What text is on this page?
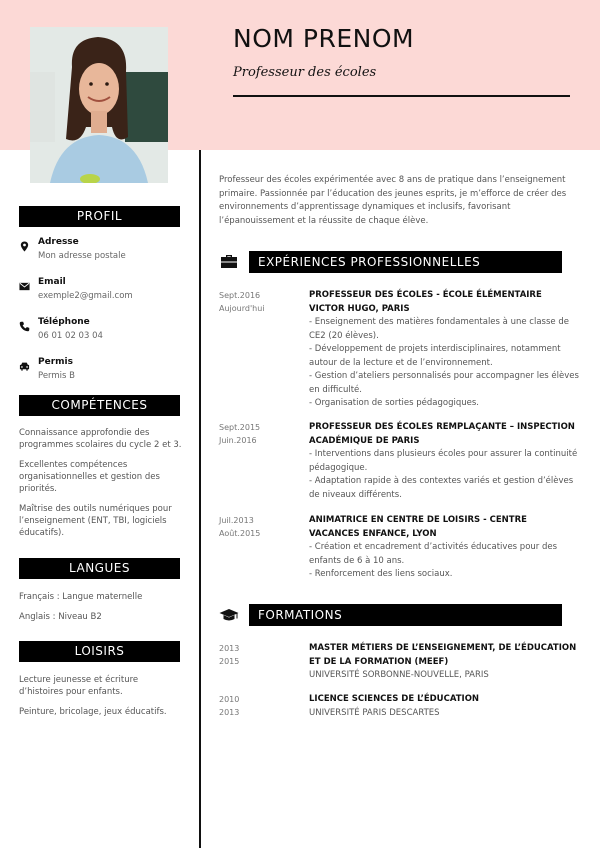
NOM PRENOM
Professeur des écoles
PROFIL
Adresse
Mon adresse postale
Email
exemple2@gmail.com
Téléphone
06 01 02 03 04
Permis
Permis B
COMPÉTENCES
Connaissance approfondie des programmes scolaires du cycle 2 et 3.
Excellentes compétences organisationnelles et gestion des priorités.
Maîtrise des outils numériques pour l’enseignement (ENT, TBI, logiciels éducatifs).
LANGUES
Français : Langue maternelle
Anglais : Niveau B2
LOISIRS
Lecture jeunesse et écriture d’histoires pour enfants.
Peinture, bricolage, jeux éducatifs.
Professeur des écoles expérimentée avec 8 ans de pratique dans l’enseignement primaire. Passionnée par l’éducation des jeunes esprits, je m’efforce de créer des environnements d’apprentissage dynamiques et inclusifs, favorisant l’épanouissement et la réussite de chaque élève.
EXPÉRIENCES PROFESSIONNELLES
Sept.2016
Aujourd'hui
PROFESSEUR DES ÉCOLES - ÉCOLE ÉLÉMENTAIRE VICTOR HUGO, PARIS
- Enseignement des matières fondamentales à une classe de CE2 (20 élèves).
- Développement de projets interdisciplinaires, notamment autour de la lecture et de l’environnement.
- Gestion d’ateliers personnalisés pour accompagner les élèves en difficulté.
- Organisation de sorties pédagogiques.
Sept.2015
Juin.2016
PROFESSEUR DES ÉCOLES REMPLAÇANTE – INSPECTION ACADÉMIQUE DE PARIS
- Interventions dans plusieurs écoles pour assurer la continuité pédagogique.
- Adaptation rapide à des contextes variés et gestion d’élèves de niveaux différents.
Juil.2013
Août.2015
ANIMATRICE EN CENTRE DE LOISIRS - CENTRE VACANCES ENFANCE, LYON
- Création et encadrement d’activités éducatives pour des enfants de 6 à 10 ans.
- Renforcement des liens sociaux.
FORMATIONS
2013
2015
MASTER MÉTIERS DE L’ENSEIGNEMENT, DE L’ÉDUCATION ET DE LA FORMATION (MEEF)
UNIVERSITÉ SORBONNE-NOUVELLE, PARIS
2010
2013
LICENCE SCIENCES DE L’ÉDUCATION
UNIVERSITÉ PARIS DESCARTES
